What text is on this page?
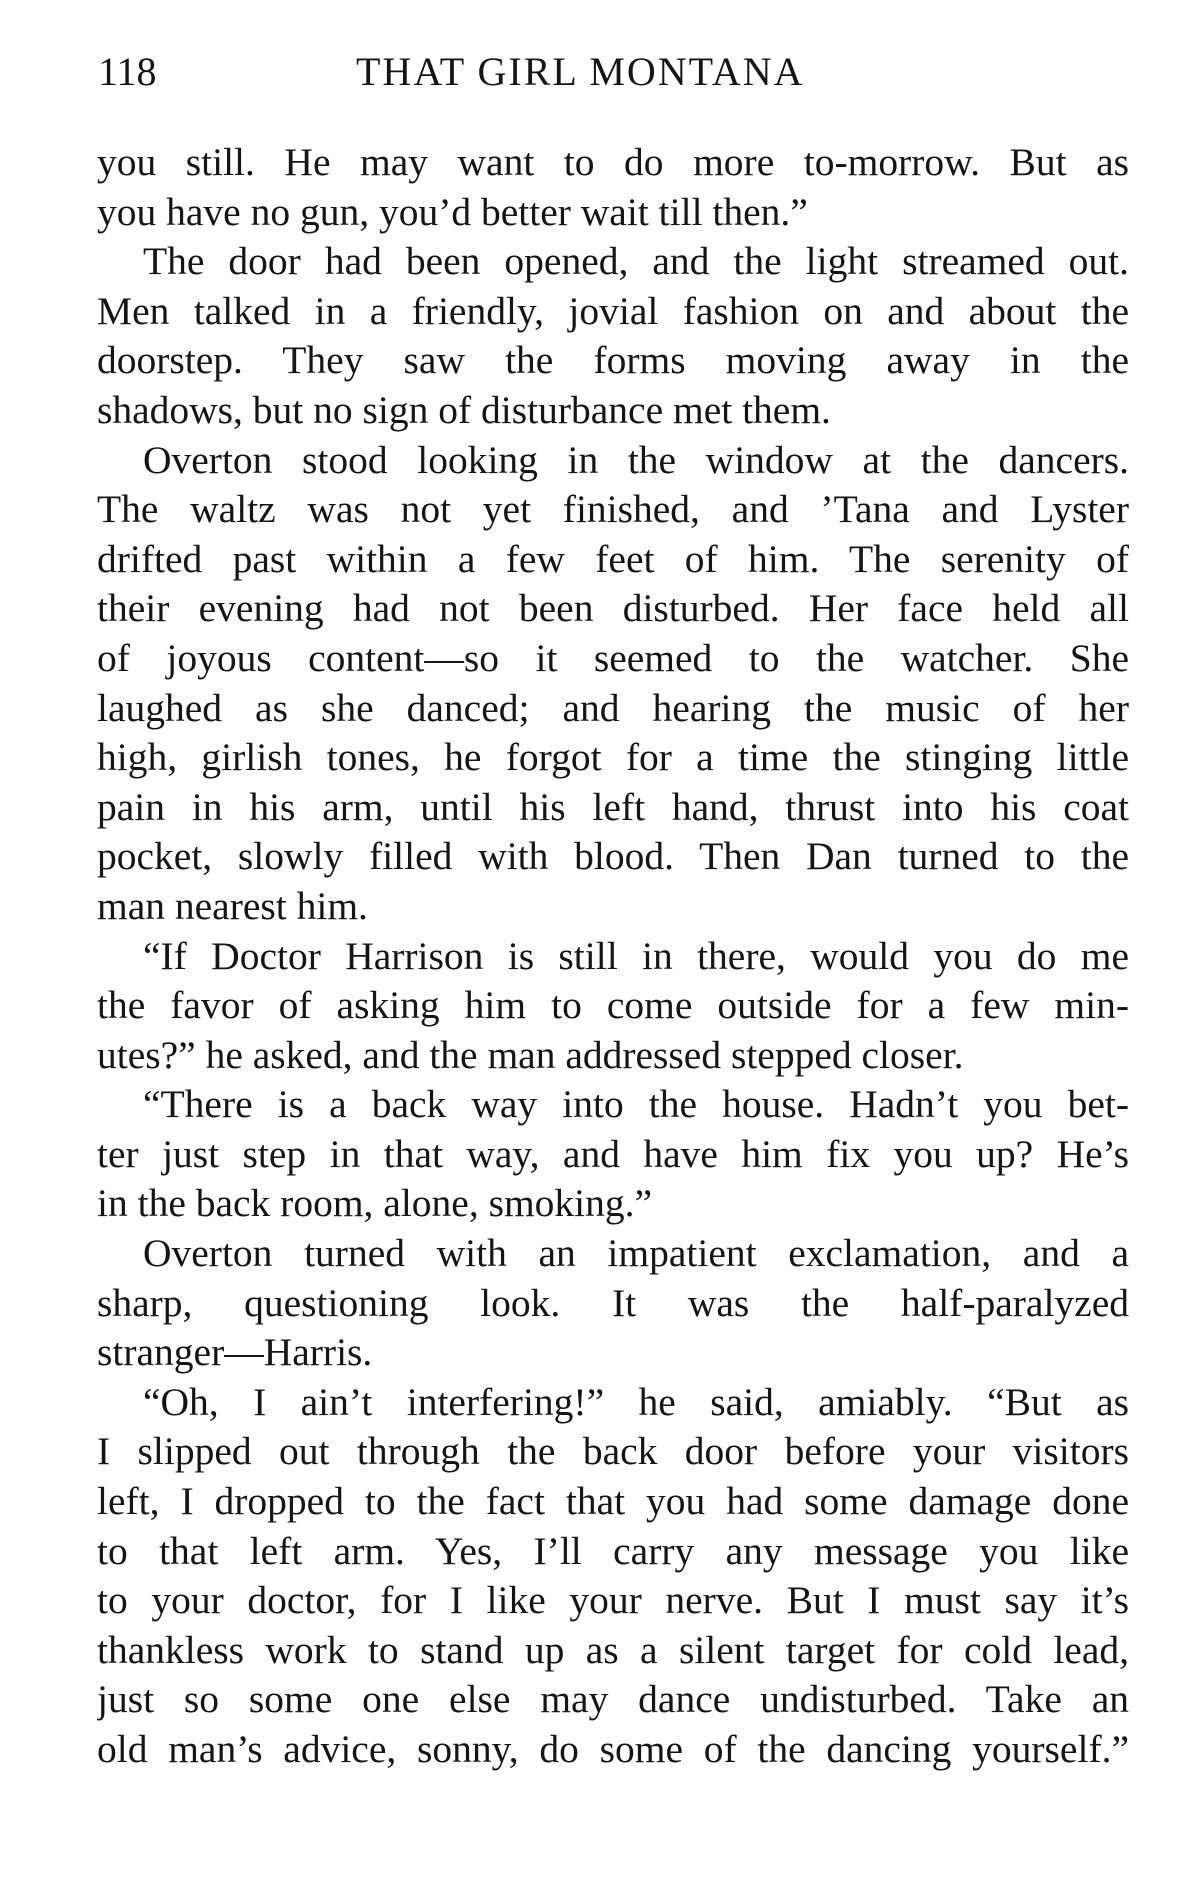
118	THAT GIRL MONTANA
you still. He may want to do more to-morrow. But as
you have no gun, you’d better wait till then.”
The door had been opened, and the light streamed out.
Men talked in a friendly, jovial fashion on and about the
doorstep. They saw the forms moving away in the
shadows, but no sign of disturbance met them.
Overton stood looking in the window at the dancers.
The waltz was not yet finished, and ’Tana and Lyster
drifted past within a few feet of him. The serenity of
their evening had not been disturbed. Her face held all
of joyous content—so it seemed to the watcher. She
laughed as she danced; and hearing the music of her
high, girlish tones, he forgot for a time the stinging little
pain in his arm, until his left hand, thrust into his coat
pocket, slowly filled with blood. Then Dan turned to the
man nearest him.
“If Doctor Harrison is still in there, would you do me
the favor of asking him to come outside for a few min-
utes?” he asked, and the man addressed stepped closer.
“There is a back way into the house. Hadn’t you bet-
ter just step in that way, and have him fix you up? He’s
in the back room, alone, smoking.”
Overton turned with an impatient exclamation, and a
sharp, questioning look. It was the half-paralyzed
stranger—Harris.
“Oh, I ain’t interfering!” he said, amiably. “But as
I slipped out through the back door before your visitors
left, I dropped to the fact that you had some damage done
to that left arm. Yes, I’ll carry any message you like
to your doctor, for I like your nerve. But I must say it’s
thankless work to stand up as a silent target for cold lead,
just so some one else may dance undisturbed. Take an
old man’s advice, sonny, do some of the dancing yourself.”
